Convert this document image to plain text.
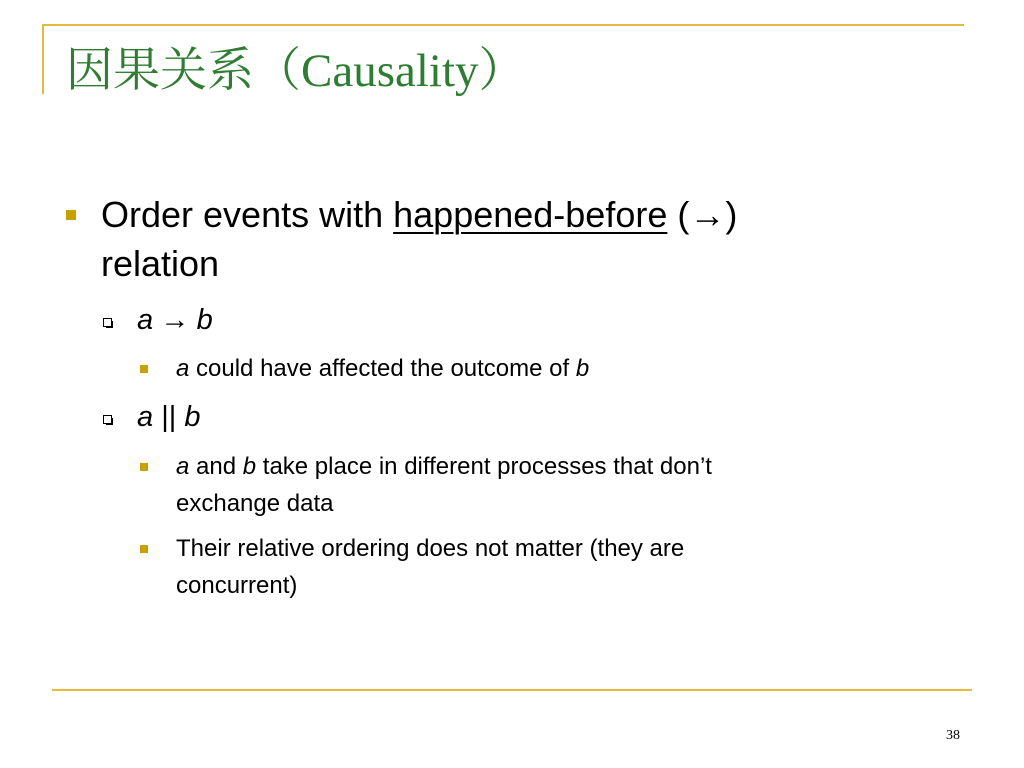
因果关系（Causality）
Order events with happened-before (→)
relation
a → b
a could have affected the outcome of b
a || b
a and b take place in different processes that don’t
exchange data
Their relative ordering does not matter (they are
concurrent)
38
